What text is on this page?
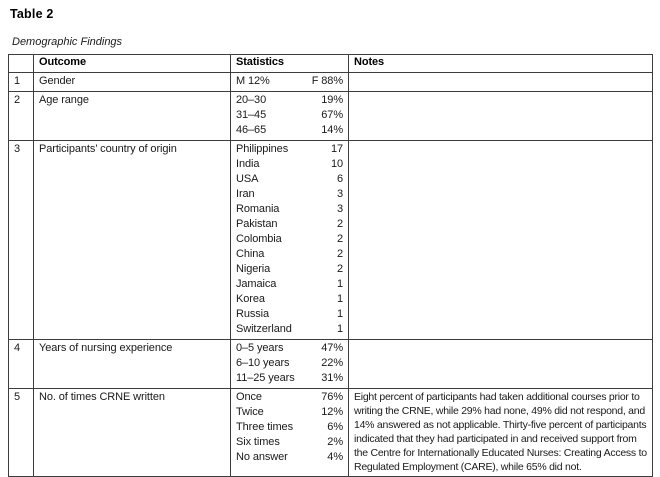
Table 2
Demographic Findings
	Outcome	Statistics	Notes
1	Gender	M 12% F 88%	

2	Age range	20–30	19%
31–45	67%
46–65	14%

3	Participants’ country of origin	Philippines	17
India	10
USA	6
Iran	3
Romania	3
Pakistan	2
Colombia	2
China	2
Nigeria	2
Jamaica	1
Korea	1
Russia	1
Switzerland	1

4	Years of nursing experience	0–5 years	47%
6–10 years	22%
11–25 years	31%

5	No. of times CRNE written	Once	76%
Twice	12%
Three times	6%
Six times	2%
No answer	4%
	Eight percent of participants had taken additional courses prior to writing the CRNE, while 29% had none, 49% did not respond, and 14% answered as not applicable. Thirty-five percent of participants indicated that they had participated in and received support from the Centre for Internationally Educated Nurses: Creating Access to Regulated Employment (CARE), while 65% did not.
